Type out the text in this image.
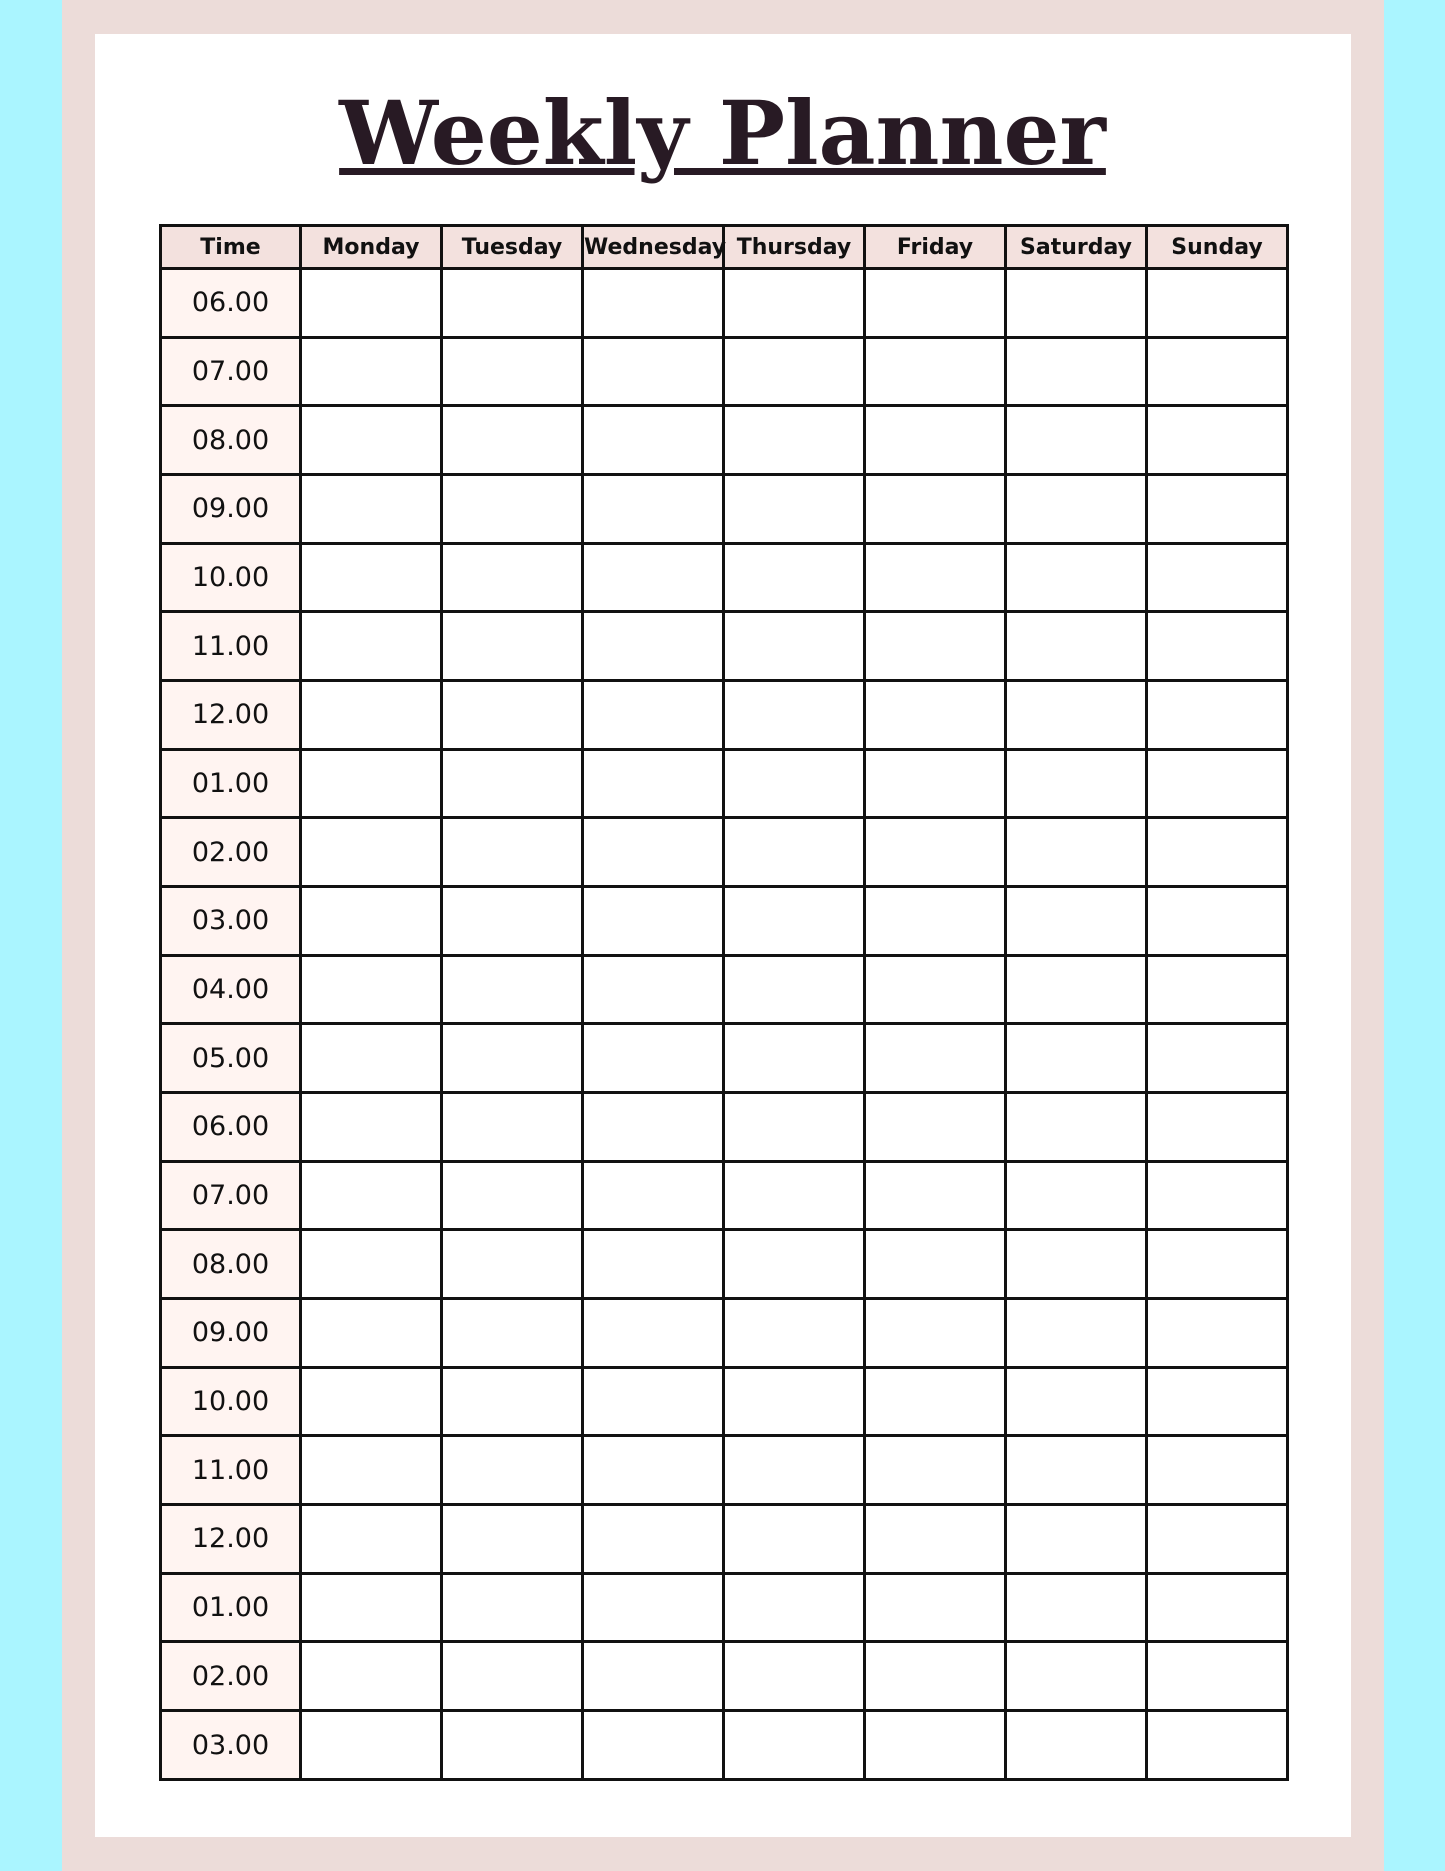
Weekly Planner
Time	Monday	Tuesday	Wednesday	Thursday	Friday	Saturday	Sunday
06.00							
07.00							
08.00							
09.00							
10.00							
11.00							
12.00							
01.00							
02.00							
03.00							
04.00							
05.00							
06.00							
07.00							
08.00							
09.00							
10.00							
11.00							
12.00							
01.00							
02.00							
03.00							
